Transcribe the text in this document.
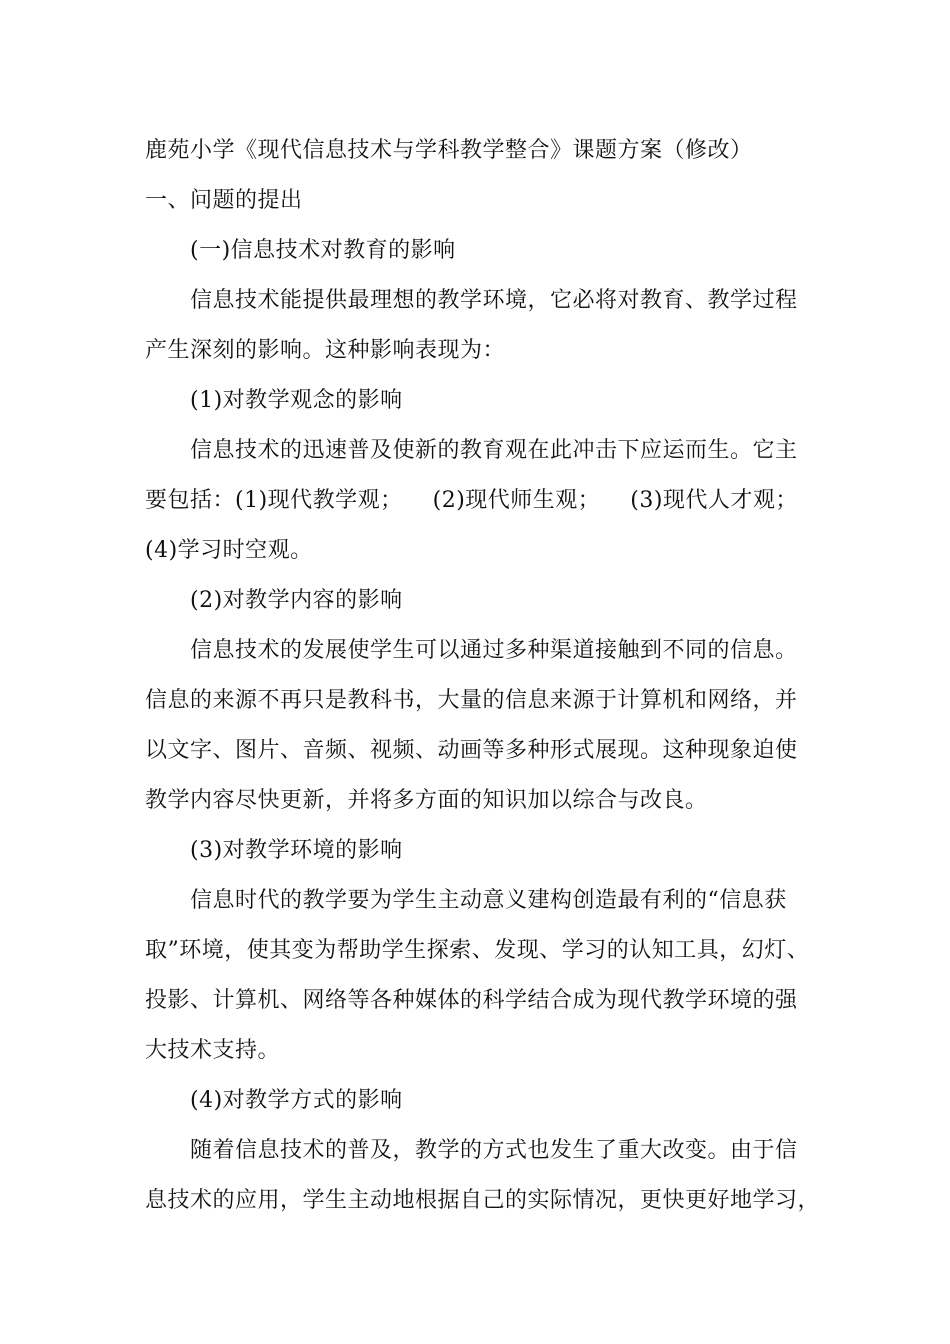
鹿苑小学《现代信息技术与学科教学整合》课题方案（修改）
一、问题的提出
(一)信息技术对教育的影响
信息技术能提供最理想的教学环境，它必将对教育、教学过程
产生深刻的影响。这种影响表现为：
(1)对教学观念的影响
信息技术的迅速普及使新的教育观在此冲击下应运而生。它主
要包括：(1)现代教学观；    (2)现代师生观；    (3)现代人才观；
(4)学习时空观。
(2)对教学内容的影响
信息技术的发展使学生可以通过多种渠道接触到不同的信息。
信息的来源不再只是教科书，大量的信息来源于计算机和网络，并
以文字、图片、音频、视频、动画等多种形式展现。这种现象迫使
教学内容尽快更新，并将多方面的知识加以综合与改良。
(3)对教学环境的影响
信息时代的教学要为学生主动意义建构创造最有利的“信息获
取”环境，使其变为帮助学生探索、发现、学习的认知工具，幻灯、
投影、计算机、网络等各种媒体的科学结合成为现代教学环境的强
大技术支持。
(4)对教学方式的影响
随着信息技术的普及，教学的方式也发生了重大改变。由于信
息技术的应用，学生主动地根据自己的实际情况，更快更好地学习，
